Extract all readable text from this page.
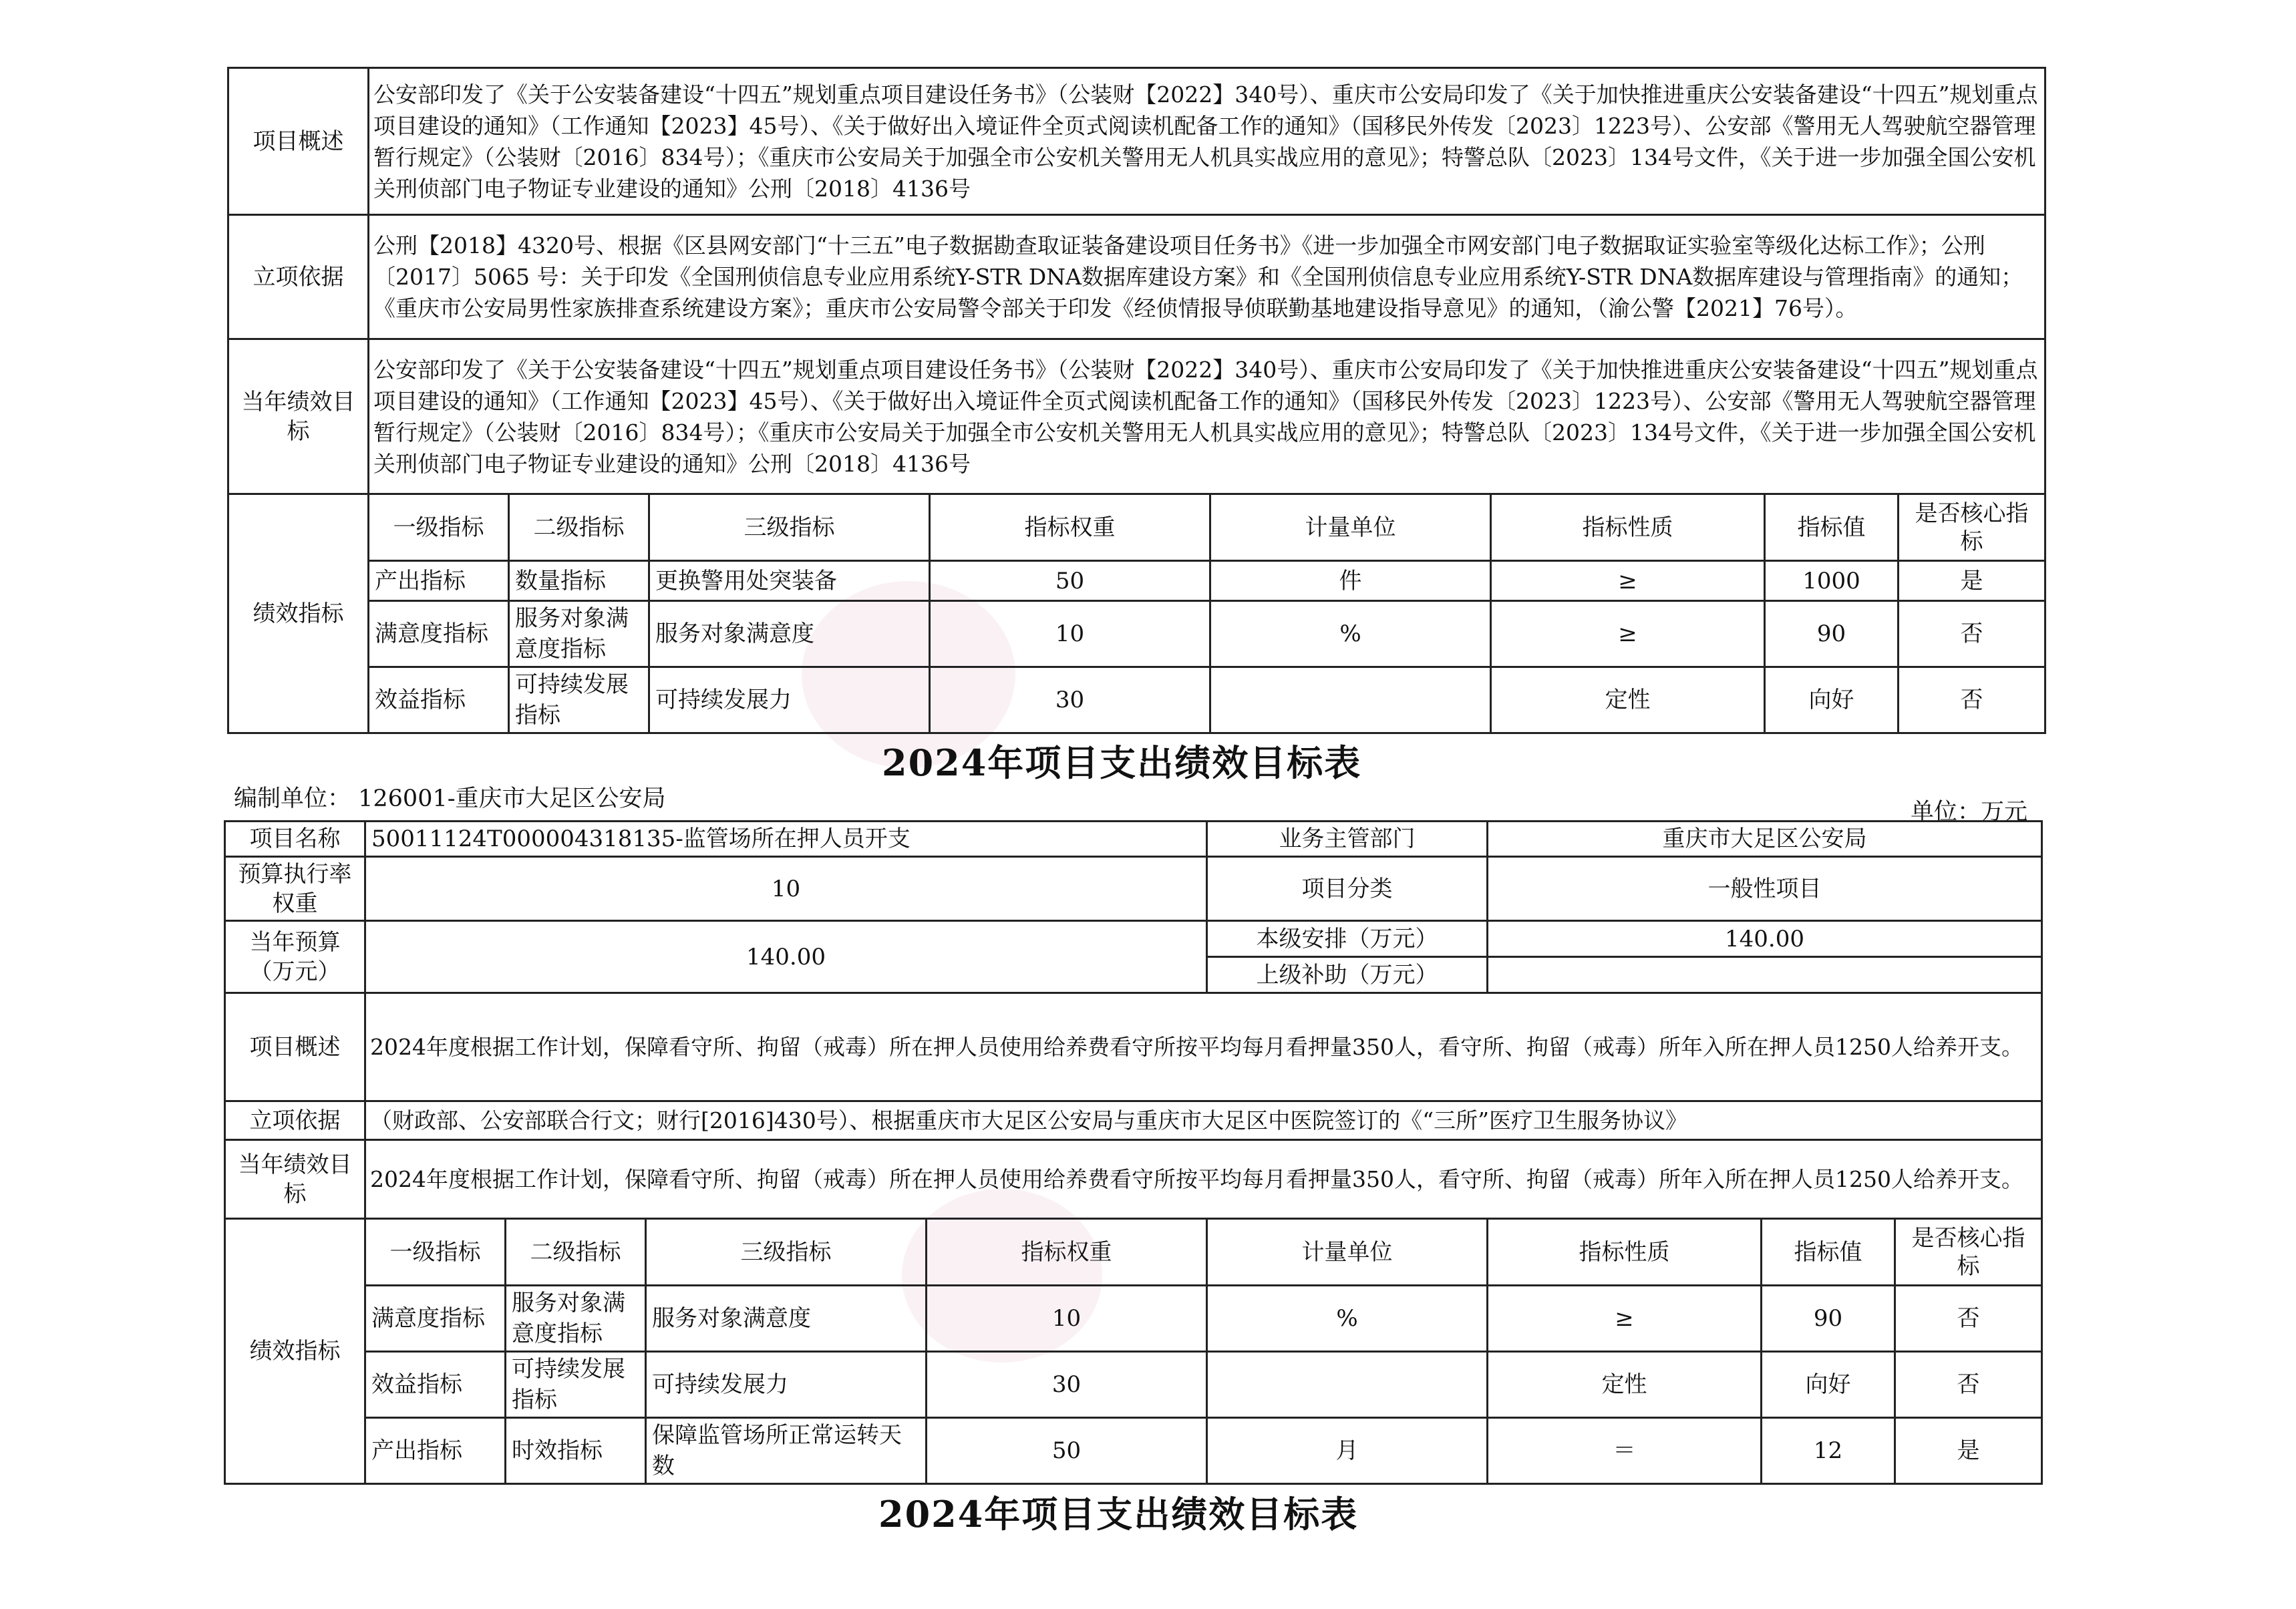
项目概述	公安部印发了《关于公安装备建设“十四五”规划重点项目建设任务书》（公装财【2022】340号）、重庆市公安局印发了《关于加快推进重庆公安装备建设“十四五”规划重点项目建设的通知》（工作通知【2023】45号）、《关于做好出入境证件全页式阅读机配备工作的通知》（国移民外传发〔2023〕1223号）、公安部《警用无人驾驶航空器管理暂行规定》（公装财〔2016〕834号）；《重庆市公安局关于加强全市公安机关警用无人机具实战应用的意见》；特警总队〔2023〕134号文件，《关于进一步加强全国公安机关刑侦部门电子物证专业建设的通知》公刑〔2018〕4136号							
立项依据	公刑【2018】4320号、根据《区县网安部门“十三五”电子数据勘查取证装备建设项目任务书》《进一步加强全市网安部门电子数据取证实验室等级化达标工作》；公刑〔2017〕5065 号：关于印发《全国刑侦信息专业应用系统Y-STR DNA数据库建设方案》和《全国刑侦信息专业应用系统Y-STR DNA数据库建设与管理指南》的通知；《重庆市公安局男性家族排查系统建设方案》；重庆市公安局警令部关于印发《经侦情报导侦联勤基地建设指导意见》的通知，（渝公警【2021】76号）。							
当年绩效目标	公安部印发了《关于公安装备建设“十四五”规划重点项目建设任务书》（公装财【2022】340号）、重庆市公安局印发了《关于加快推进重庆公安装备建设“十四五”规划重点项目建设的通知》（工作通知【2023】45号）、《关于做好出入境证件全页式阅读机配备工作的通知》（国移民外传发〔2023〕1223号）、公安部《警用无人驾驶航空器管理暂行规定》（公装财〔2016〕834号）；《重庆市公安局关于加强全市公安机关警用无人机具实战应用的意见》；特警总队〔2023〕134号文件，《关于进一步加强全国公安机关刑侦部门电子物证专业建设的通知》公刑〔2018〕4136号							
绩效指标	一级指标	二级指标	三级指标	指标权重	计量单位	指标性质	指标值	是否核心指标
	产出指标	数量指标	更换警用处突装备	50	件	≥	1000	是
	满意度指标	服务对象满意度指标	服务对象满意度	10	%	≥	90	否
	效益指标	可持续发展指标	可持续发展力	30		定性	向好	否
2024年项目支出绩效目标表
编制单位： 126001-重庆市大足区公安局	单位：万元
项目名称	50011124T000004318135-监管场所在押人员开支				业务主管部门	重庆市大足区公安局		
预算执行率权重	10				项目分类	一般性项目		
当年预算（万元）	140.00				本级安排（万元）	140.00		
					上级补助（万元）			
项目概述	2024年度根据工作计划，保障看守所、拘留（戒毒）所在押人员使用给养费看守所按平均每月看押量350人，看守所、拘留（戒毒）所年入所在押人员1250人给养开支。							
立项依据	（财政部、公安部联合行文；财行[2016]430号）、根据重庆市大足区公安局与重庆市大足区中医院签订的《“三所”医疗卫生服务协议》							
当年绩效目标	2024年度根据工作计划，保障看守所、拘留（戒毒）所在押人员使用给养费看守所按平均每月看押量350人，看守所、拘留（戒毒）所年入所在押人员1250人给养开支。							
绩效指标	一级指标	二级指标	三级指标	指标权重	计量单位	指标性质	指标值	是否核心指标
	满意度指标	服务对象满意度指标	服务对象满意度	10	%	≥	90	否
	效益指标	可持续发展指标	可持续发展力	30		定性	向好	否
	产出指标	时效指标	保障监管场所正常运转天数	50	月	＝	12	是
2024年项目支出绩效目标表
